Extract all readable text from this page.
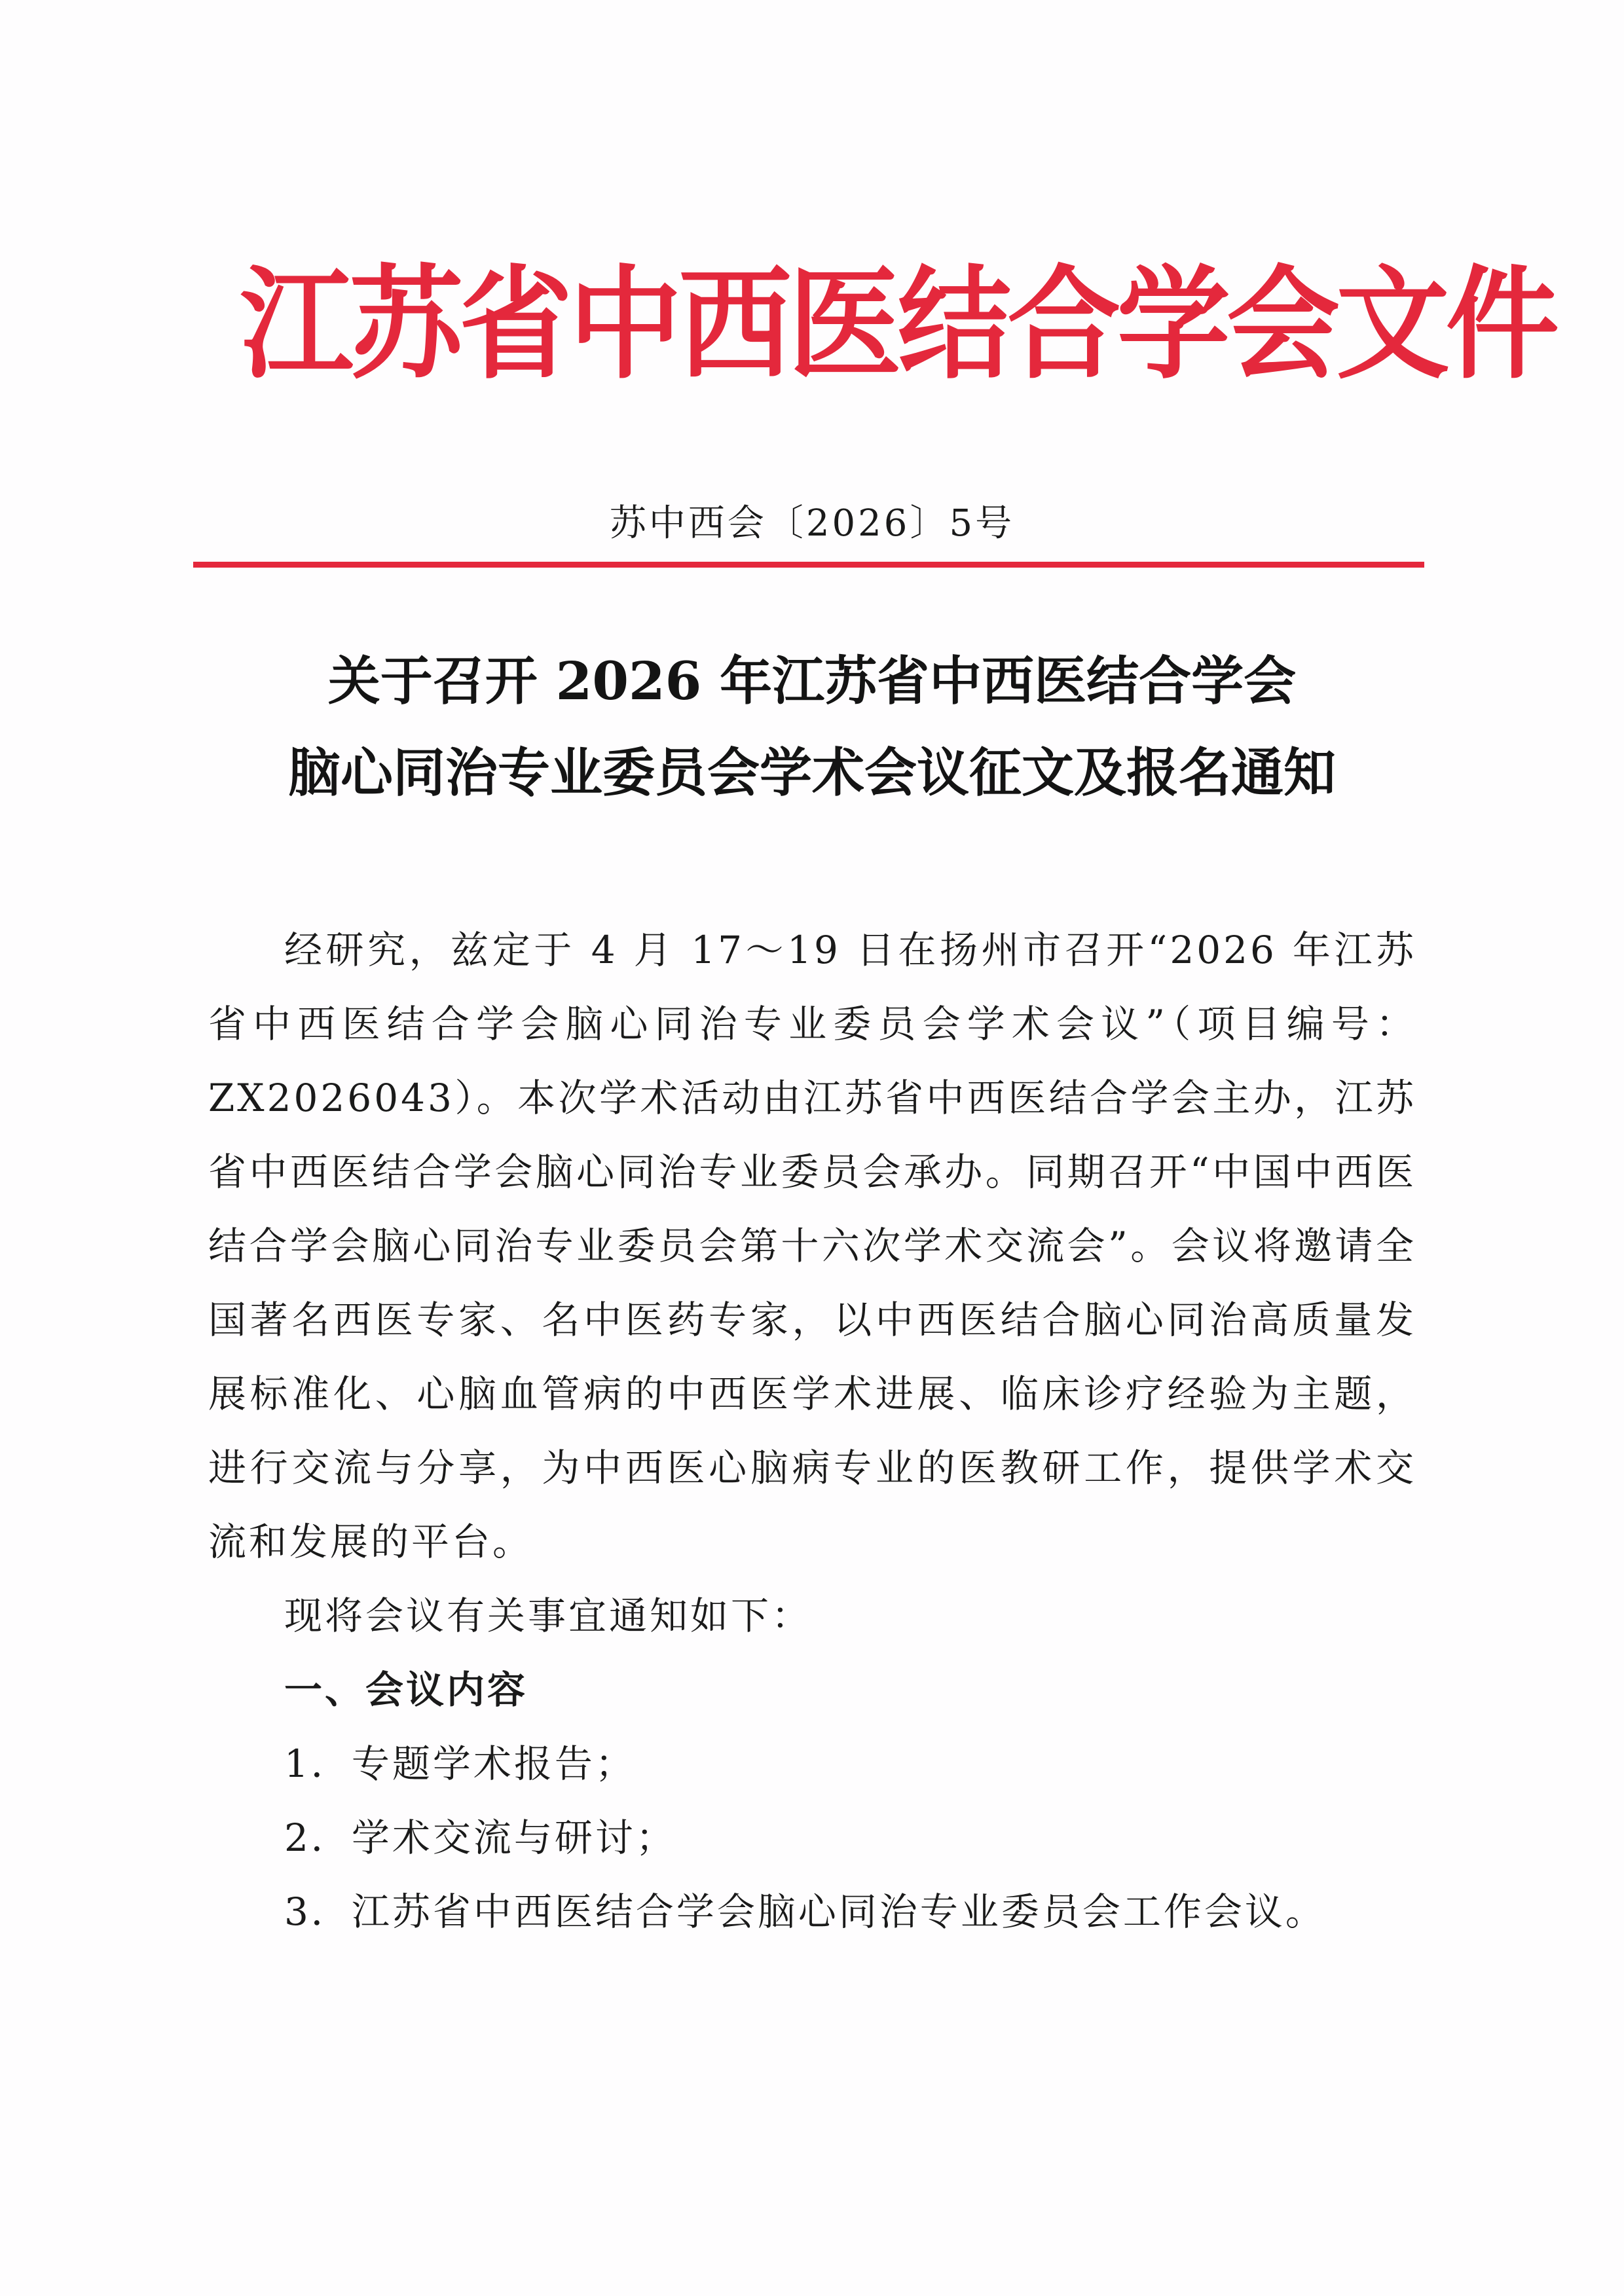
江苏省中西医结合学会文件
苏中西会〔2026〕5号
关于召开 2026 年江苏省中西医结合学会
脑心同治专业委员会学术会议征文及报名通知

经研究，兹定于 4 月 17～19 日在扬州市召开“2026 年江苏省中西医结合学会脑心同治专业委员会学术会议”（项目编号：ZX2026043）。本次学术活动由江苏省中西医结合学会主办，江苏省中西医结合学会脑心同治专业委员会承办。同期召开“中国中西医结合学会脑心同治专业委员会第十六次学术交流会”。会议将邀请全国著名西医专家、名中医药专家，以中西医结合脑心同治高质量发展标准化、心脑血管病的中西医学术进展、临床诊疗经验为主题，进行交流与分享，为中西医心脑病专业的医教研工作，提供学术交流和发展的平台。

现将会议有关事宜通知如下：

一、会议内容
1．专题学术报告；
2．学术交流与研讨；
3．江苏省中西医结合学会脑心同治专业委员会工作会议。
